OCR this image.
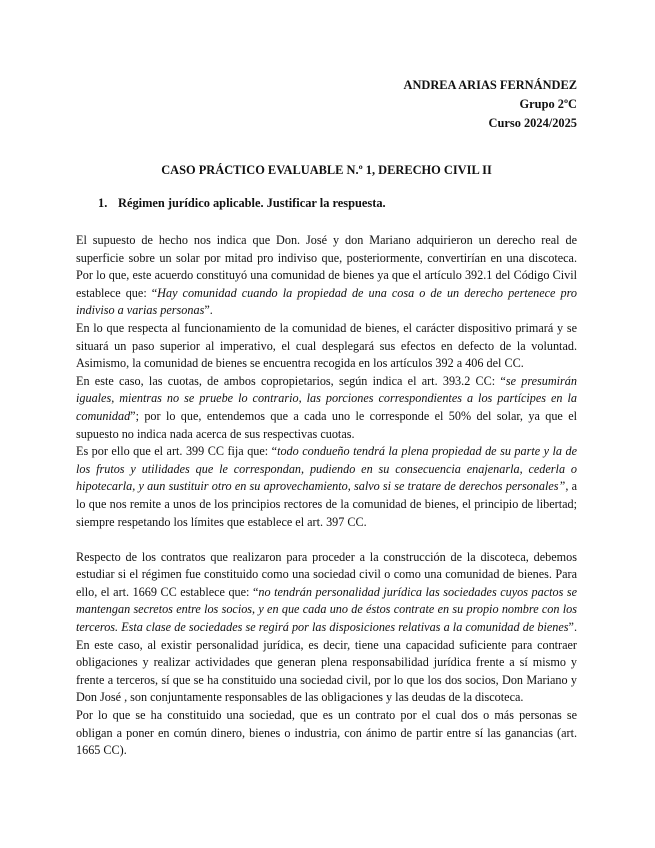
ANDREA ARIAS FERNÁNDEZ
Grupo 2ºC
Curso 2024/2025
CASO PRÁCTICO EVALUABLE N.º 1, DERECHO CIVIL II
1. Régimen jurídico aplicable. Justificar la respuesta.

El supuesto de hecho nos indica que Don. José y don Mariano adquirieron un derecho real de superficie sobre un solar por mitad pro indiviso que, posteriormente, convertirían en una discoteca. Por lo que, este acuerdo constituyó una comunidad de bienes ya que el artículo 392.1 del Código Civil establece que: “Hay comunidad cuando la propiedad de una cosa o de un derecho pertenece pro indiviso a varias personas”.

En lo que respecta al funcionamiento de la comunidad de bienes, el carácter dispositivo primará y se situará un paso superior al imperativo, el cual desplegará sus efectos en defecto de la voluntad. Asimismo, la comunidad de bienes se encuentra recogida en los artículos 392 a 406 del CC.

En este caso, las cuotas, de ambos copropietarios, según indica el art. 393.2 CC: “se presumirán iguales, mientras no se pruebe lo contrario, las porciones correspondientes a los partícipes en la comunidad”; por lo que, entendemos que a cada uno le corresponde el 50% del solar, ya que el supuesto no indica nada acerca de sus respectivas cuotas.

Es por ello que el art. 399 CC fija que: “todo condueño tendrá la plena propiedad de su parte y la de los frutos y utilidades que le correspondan, pudiendo en su consecuencia enajenarla, cederla o hipotecarla, y aun sustituir otro en su aprovechamiento, salvo si se tratare de derechos personales”, a lo que nos remite a unos de los principios rectores de la comunidad de bienes, el principio de libertad; siempre respetando los límites que establece el art. 397 CC.

Respecto de los contratos que realizaron para proceder a la construcción de la discoteca, debemos estudiar si el régimen fue constituido como una sociedad civil o como una comunidad de bienes. Para ello, el art. 1669 CC establece que: “no tendrán personalidad jurídica las sociedades cuyos pactos se mantengan secretos entre los socios, y en que cada uno de éstos contrate en su propio nombre con los terceros. Esta clase de sociedades se regirá por las disposiciones relativas a la comunidad de bienes”. En este caso, al existir personalidad jurídica, es decir, tiene una capacidad suficiente para contraer obligaciones y realizar actividades que generan plena responsabilidad jurídica frente a sí mismo y frente a terceros, sí que se ha constituido una sociedad civil, por lo que los dos socios, Don Mariano y Don José , son conjuntamente responsables de las obligaciones y las deudas de la discoteca.

Por lo que se ha constituido una sociedad, que es un contrato por el cual dos o más personas se obligan a poner en común dinero, bienes o industria, con ánimo de partir entre sí las ganancias (art. 1665 CC).
